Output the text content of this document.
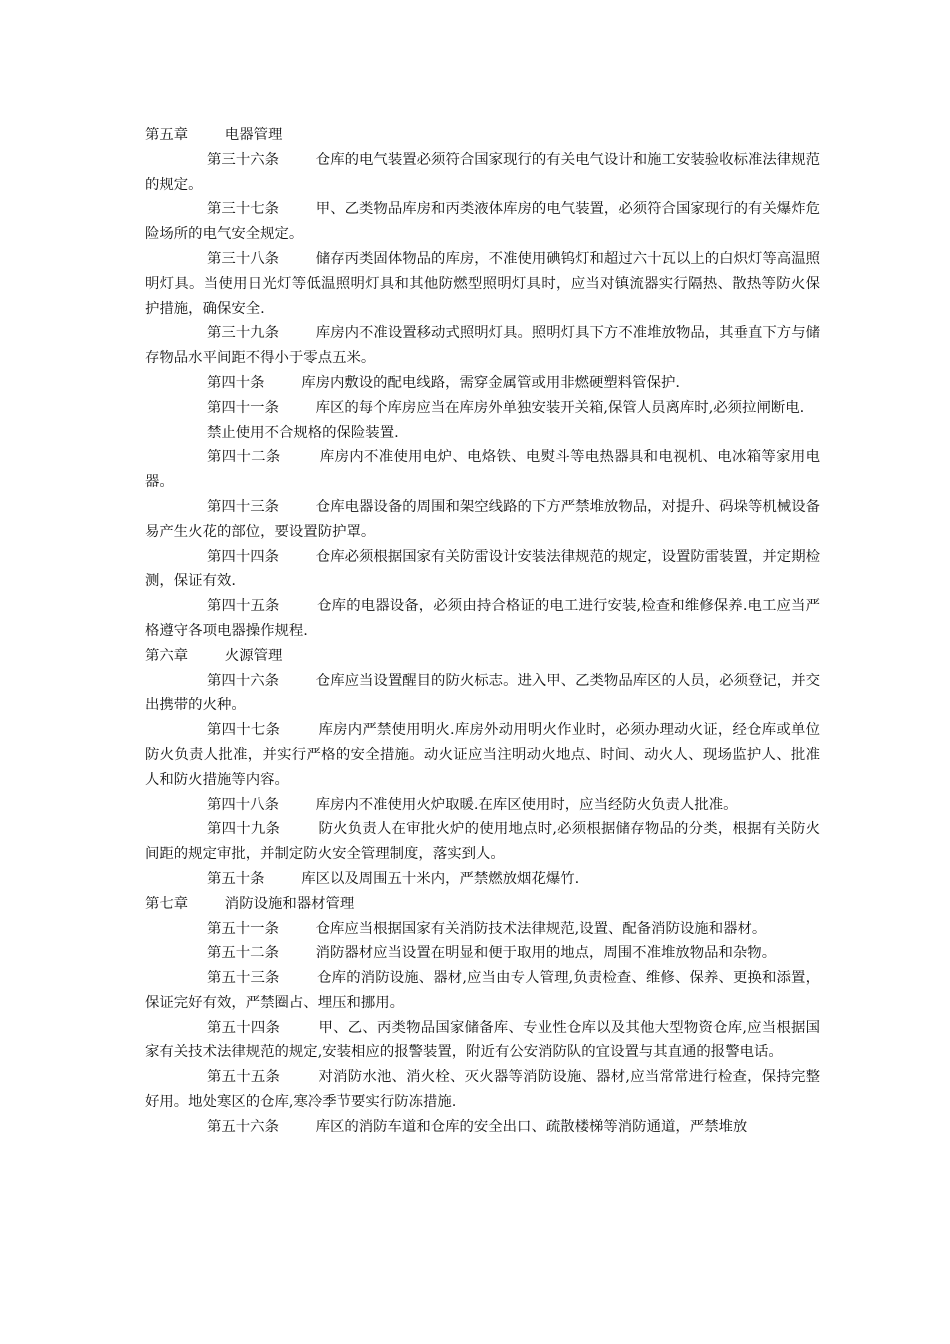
第五章	电器管理

第三十六条	仓库的电气装置必须符合国家现行的有关电气设计和施工安装验收标准法律规范的规定。

第三十七条	甲、乙类物品库房和丙类液体库房的电气装置，必须符合国家现行的有关爆炸危险场所的电气安全规定。

第三十八条	储存丙类固体物品的库房，不准使用碘钨灯和超过六十瓦以上的白炽灯等高温照明灯具。当使用日光灯等低温照明灯具和其他防燃型照明灯具时，应当对镇流器实行隔热、散热等防火保护措施，确保安全.

第三十九条	库房内不准设置移动式照明灯具。照明灯具下方不准堆放物品，其垂直下方与储存物品水平间距不得小于零点五米。

第四十条	库房内敷设的配电线路，需穿金属管或用非燃硬塑料管保护.

第四十一条	库区的每个库房应当在库房外单独安装开关箱,保管人员离库时,必须拉闸断电.

禁止使用不合规格的保险装置.

第四十二条	库房内不准使用电炉、电烙铁、电熨斗等电热器具和电视机、电冰箱等家用电器。

第四十三条	仓库电器设备的周围和架空线路的下方严禁堆放物品，对提升、码垛等机械设备易产生火花的部位，要设置防护罩。

第四十四条	仓库必须根据国家有关防雷设计安装法律规范的规定，设置防雷装置，并定期检测，保证有效.

第四十五条	仓库的电器设备，必须由持合格证的电工进行安装,检查和维修保养.电工应当严格遵守各项电器操作规程.

第六章	火源管理

第四十六条	仓库应当设置醒目的防火标志。进入甲、乙类物品库区的人员，必须登记，并交出携带的火种。

第四十七条	库房内严禁使用明火.库房外动用明火作业时，必须办理动火证，经仓库或单位防火负责人批准，并实行严格的安全措施。动火证应当注明动火地点、时间、动火人、现场监护人、批准人和防火措施等内容。

第四十八条	库房内不准使用火炉取暖.在库区使用时，应当经防火负责人批准。

第四十九条	防火负责人在审批火炉的使用地点时,必须根据储存物品的分类，根据有关防火间距的规定审批，并制定防火安全管理制度，落实到人。

第五十条	库区以及周围五十米内，严禁燃放烟花爆竹.

第七章	消防设施和器材管理

第五十一条	仓库应当根据国家有关消防技术法律规范,设置、配备消防设施和器材。

第五十二条	消防器材应当设置在明显和便于取用的地点，周围不准堆放物品和杂物。

第五十三条	仓库的消防设施、器材,应当由专人管理,负责检查、维修、保养、更换和添置，保证完好有效，严禁圈占、埋压和挪用。

第五十四条	甲、乙、丙类物品国家储备库、专业性仓库以及其他大型物资仓库,应当根据国家有关技术法律规范的规定,安装相应的报警装置，附近有公安消防队的宜设置与其直通的报警电话。

第五十五条	对消防水池、消火栓、灭火器等消防设施、器材,应当常常进行检查，保持完整好用。地处寒区的仓库,寒冷季节要实行防冻措施.

第五十六条	库区的消防车道和仓库的安全出口、疏散楼梯等消防通道，严禁堆放
